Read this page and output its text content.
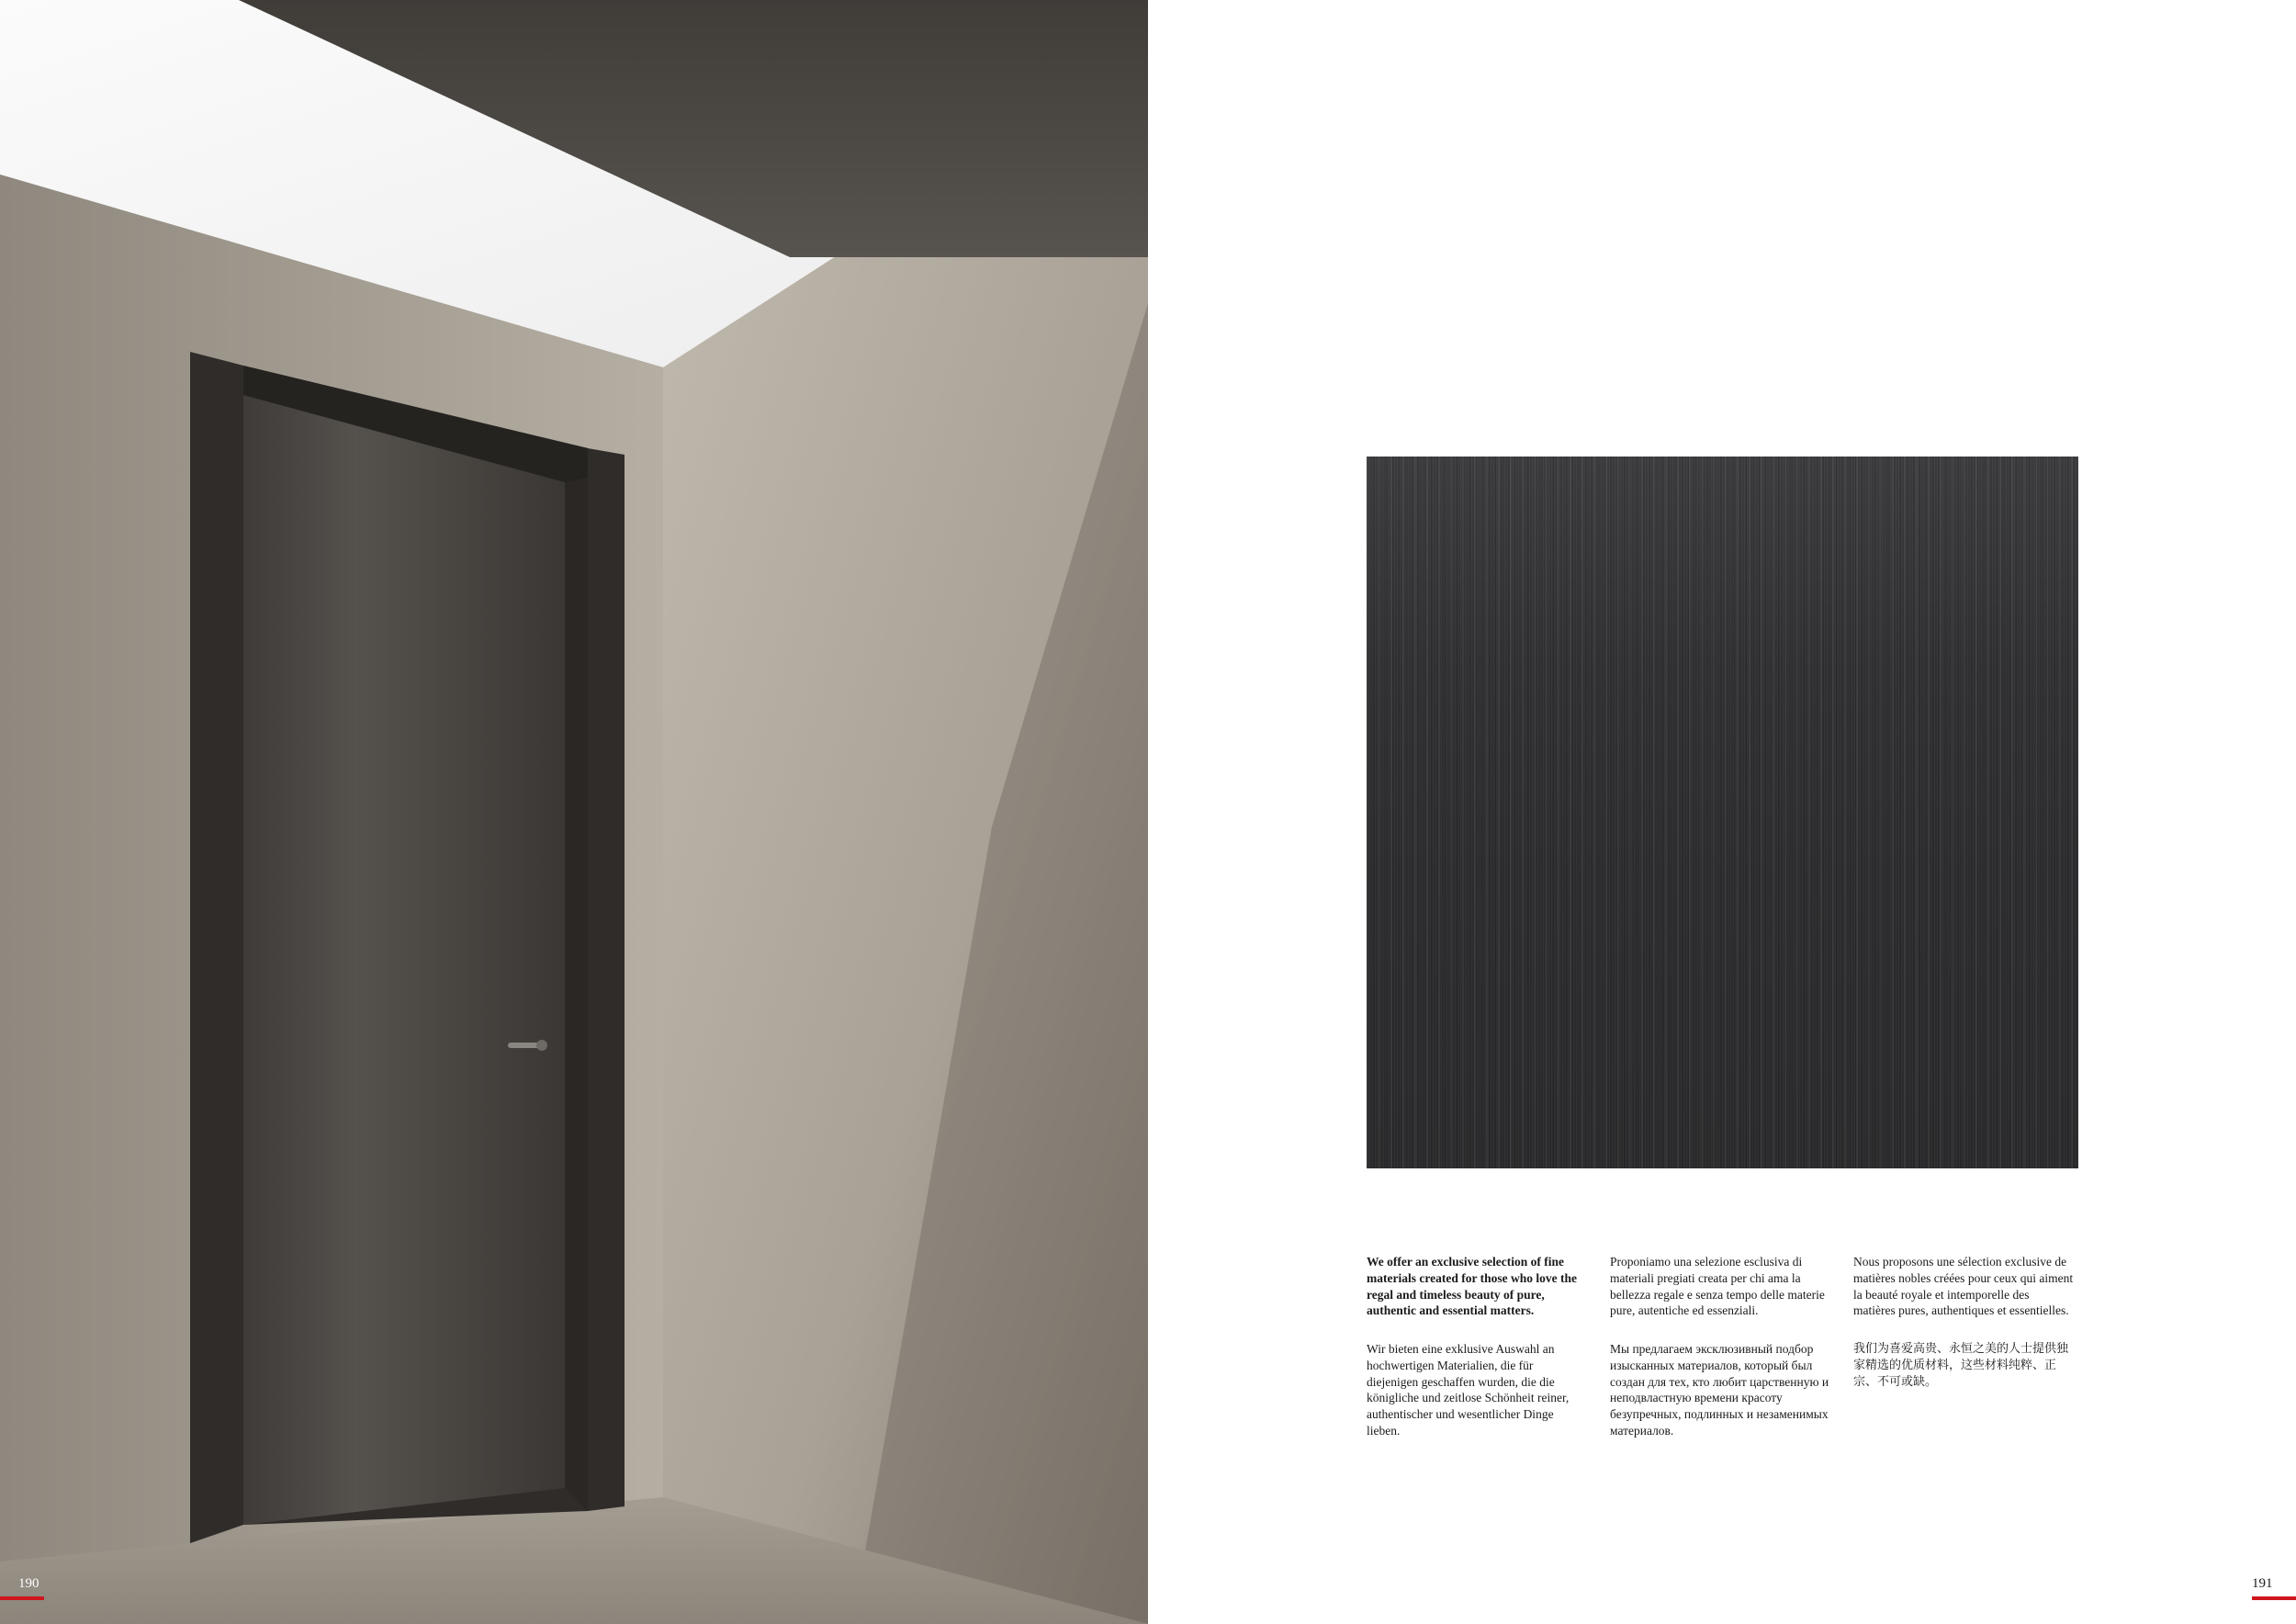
190

We offer an exclusive selection of fine materials created for those who love the regal and timeless beauty of pure, authentic and essential matters.

Proponiamo una selezione esclusiva di materiali pregiati creata per chi ama la bellezza regale e senza tempo delle materie pure, autentiche ed essenziali.

Nous proposons une sélection exclusive de matières nobles créées pour ceux qui aiment la beauté royale et intemporelle des matières pures, authentiques et essentielles.

Wir bieten eine exklusive Auswahl an hochwertigen Materialien, die für diejenigen geschaffen wurden, die die königliche und zeitlose Schönheit reiner, authentischer und wesentlicher Dinge lieben.

Мы предлагаем эксклюзивный подбор изысканных материалов, который был создан для тех, кто любит царственную и неподвластную времени красоту безупречных, подлинных и незаменимых материалов.

我们为喜爱高贵、永恒之美的人士提供独家精选的优质材料，这些材料纯粹、正宗、不可或缺。

191
